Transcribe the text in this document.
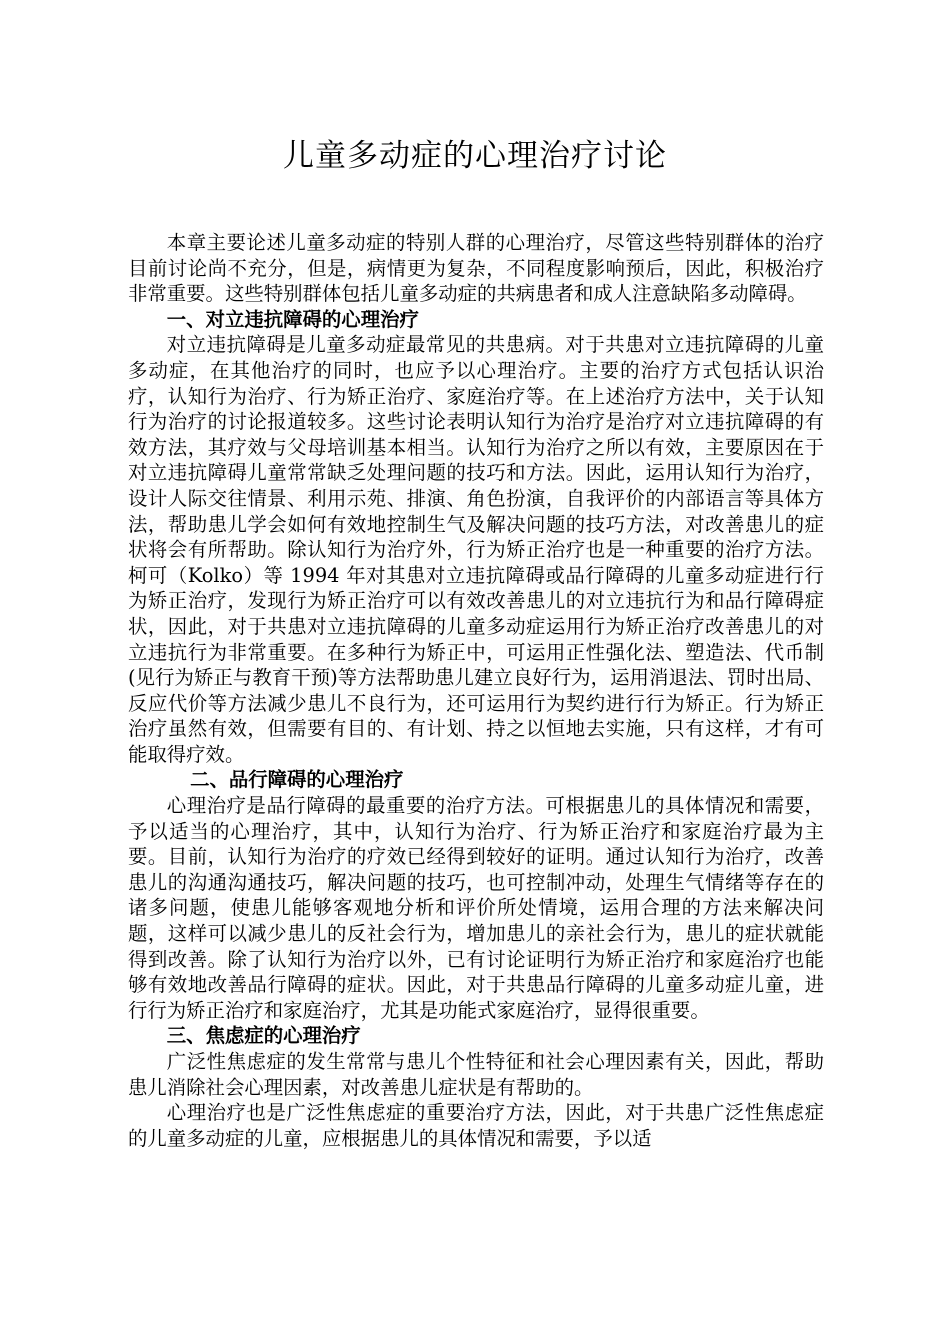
儿童多动症的心理治疗讨论

本章主要论述儿童多动症的特别人群的心理治疗，尽管这些特别群体的治疗目前讨论尚不充分，但是，病情更为复杂，不同程度影响预后，因此，积极治疗非常重要。这些特别群体包括儿童多动症的共病患者和成人注意缺陷多动障碍。

一、对立违抗障碍的心理治疗

对立违抗障碍是儿童多动症最常见的共患病。对于共患对立违抗障碍的儿童多动症，在其他治疗的同时，也应予以心理治疗。主要的治疗方式包括认识治疗，认知行为治疗、行为矫正治疗、家庭治疗等。在上述治疗方法中，关于认知行为治疗的讨论报道较多。这些讨论表明认知行为治疗是治疗对立违抗障碍的有效方法，其疗效与父母培训基本相当。认知行为治疗之所以有效，主要原因在于对立违抗障碍儿童常常缺乏处理问题的技巧和方法。因此，运用认知行为治疗，设计人际交往情景、利用示苑、排演、角色扮演，自我评价的内部语言等具体方法，帮助患儿学会如何有效地控制生气及解决问题的技巧方法，对改善患儿的症状将会有所帮助。除认知行为治疗外，行为矫正治疗也是一种重要的治疗方法。柯可（Kolko）等 1994 年对其患对立违抗障碍或品行障碍的儿童多动症进行行为矫正治疗，发现行为矫正治疗可以有效改善患儿的对立违抗行为和品行障碍症状，因此，对于共患对立违抗障碍的儿童多动症运用行为矫正治疗改善患儿的对立违抗行为非常重要。在多种行为矫正中，可运用正性强化法、塑造法、代币制(见行为矫正与教育干预)等方法帮助患儿建立良好行为，运用消退法、罚时出局、反应代价等方法减少患儿不良行为，还可运用行为契约进行行为矫正。行为矫正治疗虽然有效，但需要有目的、有计划、持之以恒地去实施，只有这样，才有可能取得疗效。

二、品行障碍的心理治疗

心理治疗是品行障碍的最重要的治疗方法。可根据患儿的具体情况和需要，予以适当的心理治疗，其中，认知行为治疗、行为矫正治疗和家庭治疗最为主要。目前，认知行为治疗的疗效已经得到较好的证明。通过认知行为治疗，改善患儿的沟通沟通技巧，解决问题的技巧，也可控制冲动，处理生气情绪等存在的诸多问题，使患儿能够客观地分析和评价所处情境，运用合理的方法来解决问题，这样可以减少患儿的反社会行为，增加患儿的亲社会行为，患儿的症状就能得到改善。除了认知行为治疗以外，已有讨论证明行为矫正治疗和家庭治疗也能够有效地改善品行障碍的症状。因此，对于共患品行障碍的儿童多动症儿童，进行行为矫正治疗和家庭治疗，尤其是功能式家庭治疗，显得很重要。

三、焦虑症的心理治疗

广泛性焦虑症的发生常常与患儿个性特征和社会心理因素有关，因此，帮助患儿消除社会心理因素，对改善患儿症状是有帮助的。

心理治疗也是广泛性焦虑症的重要治疗方法，因此，对于共患广泛性焦虑症的儿童多动症的儿童，应根据患儿的具体情况和需要，予以适
